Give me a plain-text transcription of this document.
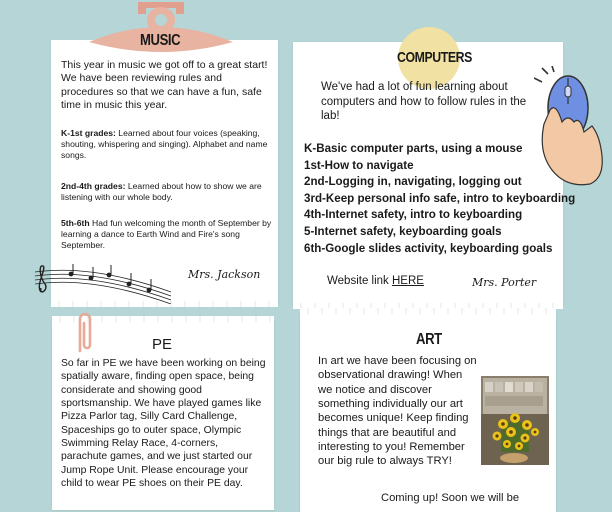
MUSIC
This year in music we got off to a great start! We have been reviewing rules and procedures so that we can have a fun, safe time in music this year.
K-1st grades: Learned about four voices (speaking, shouting, whispering and singing). Alphabet and name songs.
2nd-4th grades: Learned about how to show we are listening with our whole body.
5th-6th Had fun welcoming the month of September by learning a dance to Earth Wind and Fire's song September.
Mrs. Jackson
COMPUTERS
We've had a lot of fun learning about computers and how to follow rules in the lab!
K-Basic computer parts, using a mouse
1st-How to navigate
2nd-Logging in, navigating, logging out
3rd-Keep personal info safe, intro to keyboarding
4th-Internet safety, intro to keyboarding
5-Internet safety, keyboarding goals
6th-Google slides activity, keyboarding goals
Website link HERE	Mrs. Porter
PE
So far in PE we have been working on being spatially aware, finding open space, being considerate and showing good sportsmanship. We have played games like Pizza Parlor tag, Silly Card Challenge, Spaceships go to outer space, Olympic Swimming Relay Race, 4-corners, parachute games, and we just started our Jump Rope Unit. Please encourage your child to wear PE shoes on their PE day.
ART
In art we have been focusing on observational drawing! When we notice and discover something individually our art becomes unique! Keep finding things that are beautiful and interesting to you! Remember our big rule to always TRY!
Coming up! Soon we will be
